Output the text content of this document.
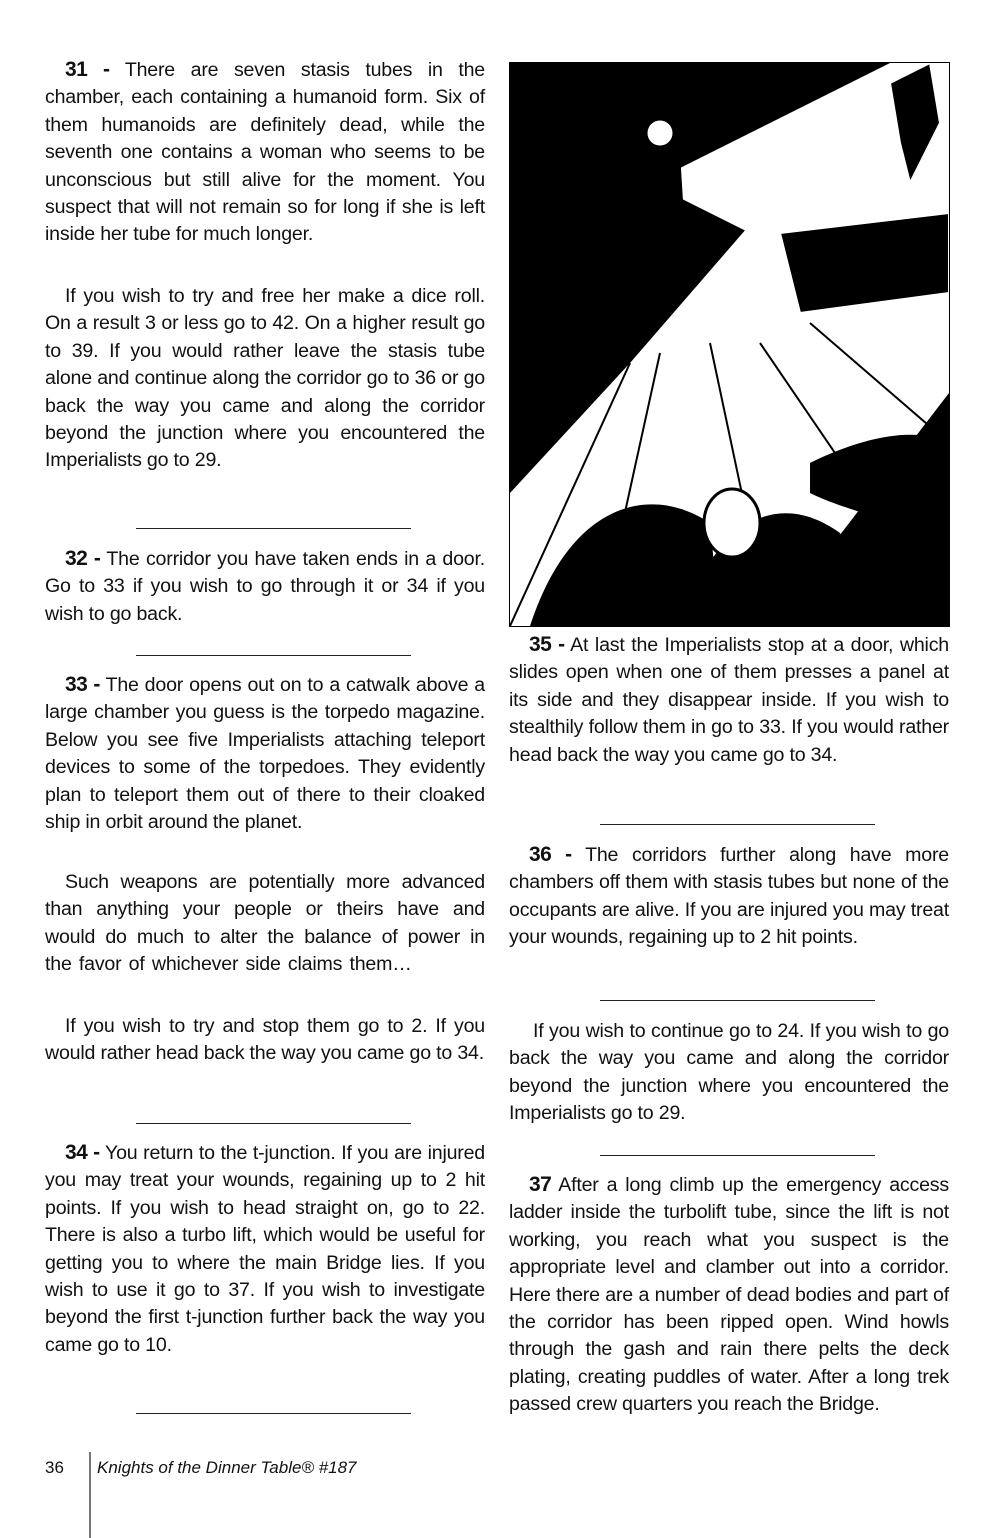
31 - There are seven stasis tubes in the chamber, each containing a humanoid form. Six of them humanoids are definitely dead, while the seventh one contains a woman who seems to be unconscious but still alive for the moment. You suspect that will not remain so for long if she is left inside her tube for much longer.

If you wish to try and free her make a dice roll. On a result 3 or less go to 42. On a higher result go to 39. If you would rather leave the stasis tube alone and continue along the corridor go to 36 or go back the way you came and along the corridor beyond the junction where you encountered the Imperialists go to 29.

32 - The corridor you have taken ends in a door. Go to 33 if you wish to go through it or 34 if you wish to go back.

33 - The door opens out on to a catwalk above a large chamber you guess is the torpedo magazine. Below you see five Imperialists attaching teleport devices to some of the torpedoes. They evidently plan to teleport them out of there to their cloaked ship in orbit around the planet.

Such weapons are potentially more advanced than anything your people or theirs have and would do much to alter the balance of power in the favor of whichever side claims them…

If you wish to try and stop them go to 2. If you would rather head back the way you came go to 34.

34 - You return to the t-junction. If you are injured you may treat your wounds, regaining up to 2 hit points. If you wish to head straight on, go to 22. There is also a turbo lift, which would be useful for getting you to where the main Bridge lies. If you wish to use it go to 37. If you wish to investigate beyond the first t-junction further back the way you came go to 10.

35 - At last the Imperialists stop at a door, which slides open when one of them presses a panel at its side and they disappear inside. If you wish to stealthily follow them in go to 33. If you would rather head back the way you came go to 34.

36 - The corridors further along have more chambers off them with stasis tubes but none of the occupants are alive. If you are injured you may treat your wounds, regaining up to 2 hit points.

If you wish to continue go to 24. If you wish to go back the way you came and along the corridor beyond the junction where you encountered the Imperialists go to 29.

37 After a long climb up the emergency access ladder inside the turbolift tube, since the lift is not working, you reach what you suspect is the appropriate level and clamber out into a corridor. Here there are a number of dead bodies and part of the corridor has been ripped open. Wind howls through the gash and rain there pelts the deck plating, creating puddles of water. After a long trek passed crew quarters you reach the Bridge.

36 Knights of the Dinner Table® #187
